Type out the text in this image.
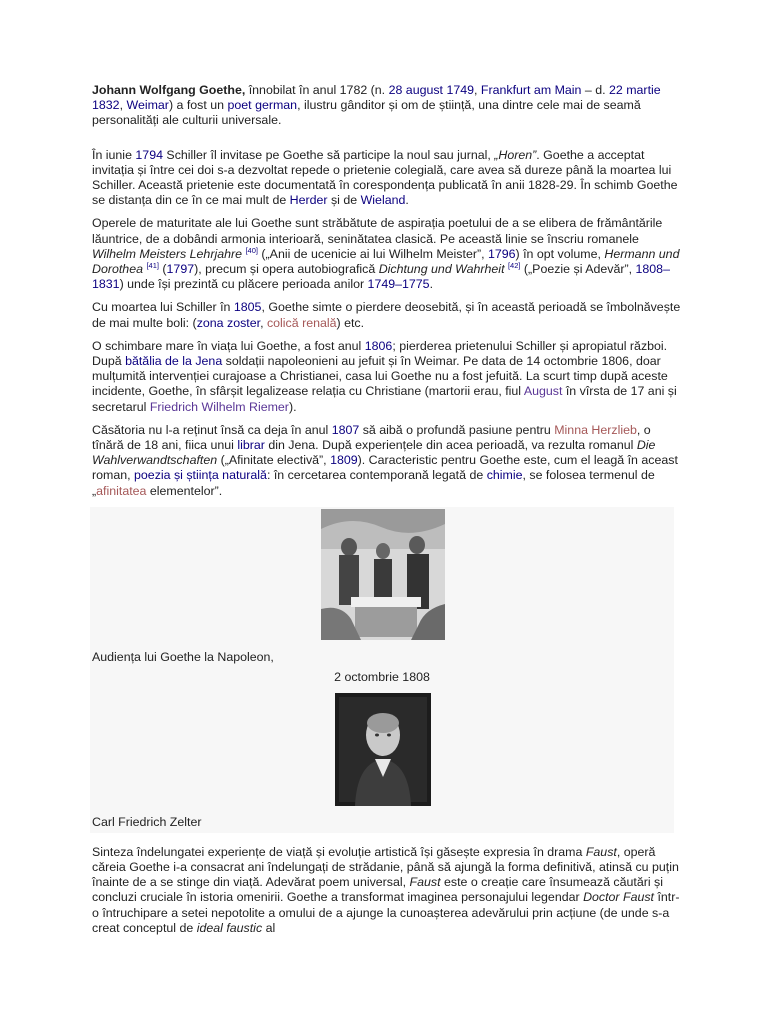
Johann Wolfgang Goethe, înnobilat în anul 1782 (n. 28 august 1749, Frankfurt am Main – d. 22 martie 1832, Weimar) a fost un poet german, ilustru gânditor și om de știință, una dintre cele mai de seamă personalități ale culturii universale.

În iunie 1794 Schiller îl invitase pe Goethe să participe la noul sau jurnal, „Horen”. Goethe a acceptat invitația și între cei doi s-a dezvoltat repede o prietenie colegială, care avea să dureze până la moartea lui Schiller. Această prietenie este documentată în corespondența publicată în anii 1828-29. În schimb Goethe se distanța din ce în ce mai mult de Herder și de Wieland.

Operele de maturitate ale lui Goethe sunt străbătute de aspirația poetului de a se elibera de frământările lăuntrice, de a dobândi armonia interioară, seninătatea clasică. Pe această linie se înscriu romanele Wilhelm Meisters Lehrjahre [40] („Anii de ucenicie ai lui Wilhelm Meister”, 1796) în opt volume, Hermann und Dorothea [41] (1797), precum și opera autobiografică Dichtung und Wahrheit [42] („Poezie și Adevăr”, 1808–1831) unde își prezintă cu plăcere perioada anilor 1749–1775.

Cu moartea lui Schiller în 1805, Goethe simte o pierdere deosebită, și în această perioadă se îmbolnăvește de mai multe boli: (zona zoster, colică renală) etc.

O schimbare mare în viața lui Goethe, a fost anul 1806; pierderea prietenului Schiller și apropiatul război. După bătălia de la Jena soldații napoleonieni au jefuit și în Weimar. Pe data de 14 octombrie 1806, doar mulțumită intervenției curajoase a Christianei, casa lui Goethe nu a fost jefuită. La scurt timp după aceste incidente, Goethe, în sfârșit legalizease relația cu Christiane (martorii erau, fiul August în vîrsta de 17 ani și secretarul Friedrich Wilhelm Riemer).

Căsătoria nu l-a reținut însă ca deja în anul 1807 să aibă o profundă pasiune pentru Minna Herzlieb, o tînără de 18 ani, fiica unui librar din Jena. După experiențele din acea perioadă, va rezulta romanul Die Wahlverwandtschaften („Afinitate electivă”, 1809). Caracteristic pentru Goethe este, cum el leagă în aceast roman, poezia și știința naturală: în cercetarea contemporană legată de chimie, se folosea termenul de „afinitatea elementelor”.

Audiența lui Goethe la Napoleon,
2 octombrie 1808
Carl Friedrich Zelter

Sinteza îndelungatei experiențe de viață și evoluție artistică își găsește expresia în drama Faust, operă căreia Goethe i-a consacrat ani îndelungați de strădanie, până să ajungă la forma definitivă, atinsă cu puțin înainte de a se stinge din viață. Adevărat poem universal, Faust este o creație care însumează căutări și concluzi cruciale în istoria omenirii. Goethe a transformat imaginea personajului legendar Doctor Faust într-o întruchipare a setei nepotolite a omului de a ajunge la cunoașterea adevărului prin acțiune (de unde s-a creat conceptul de ideal faustic al
